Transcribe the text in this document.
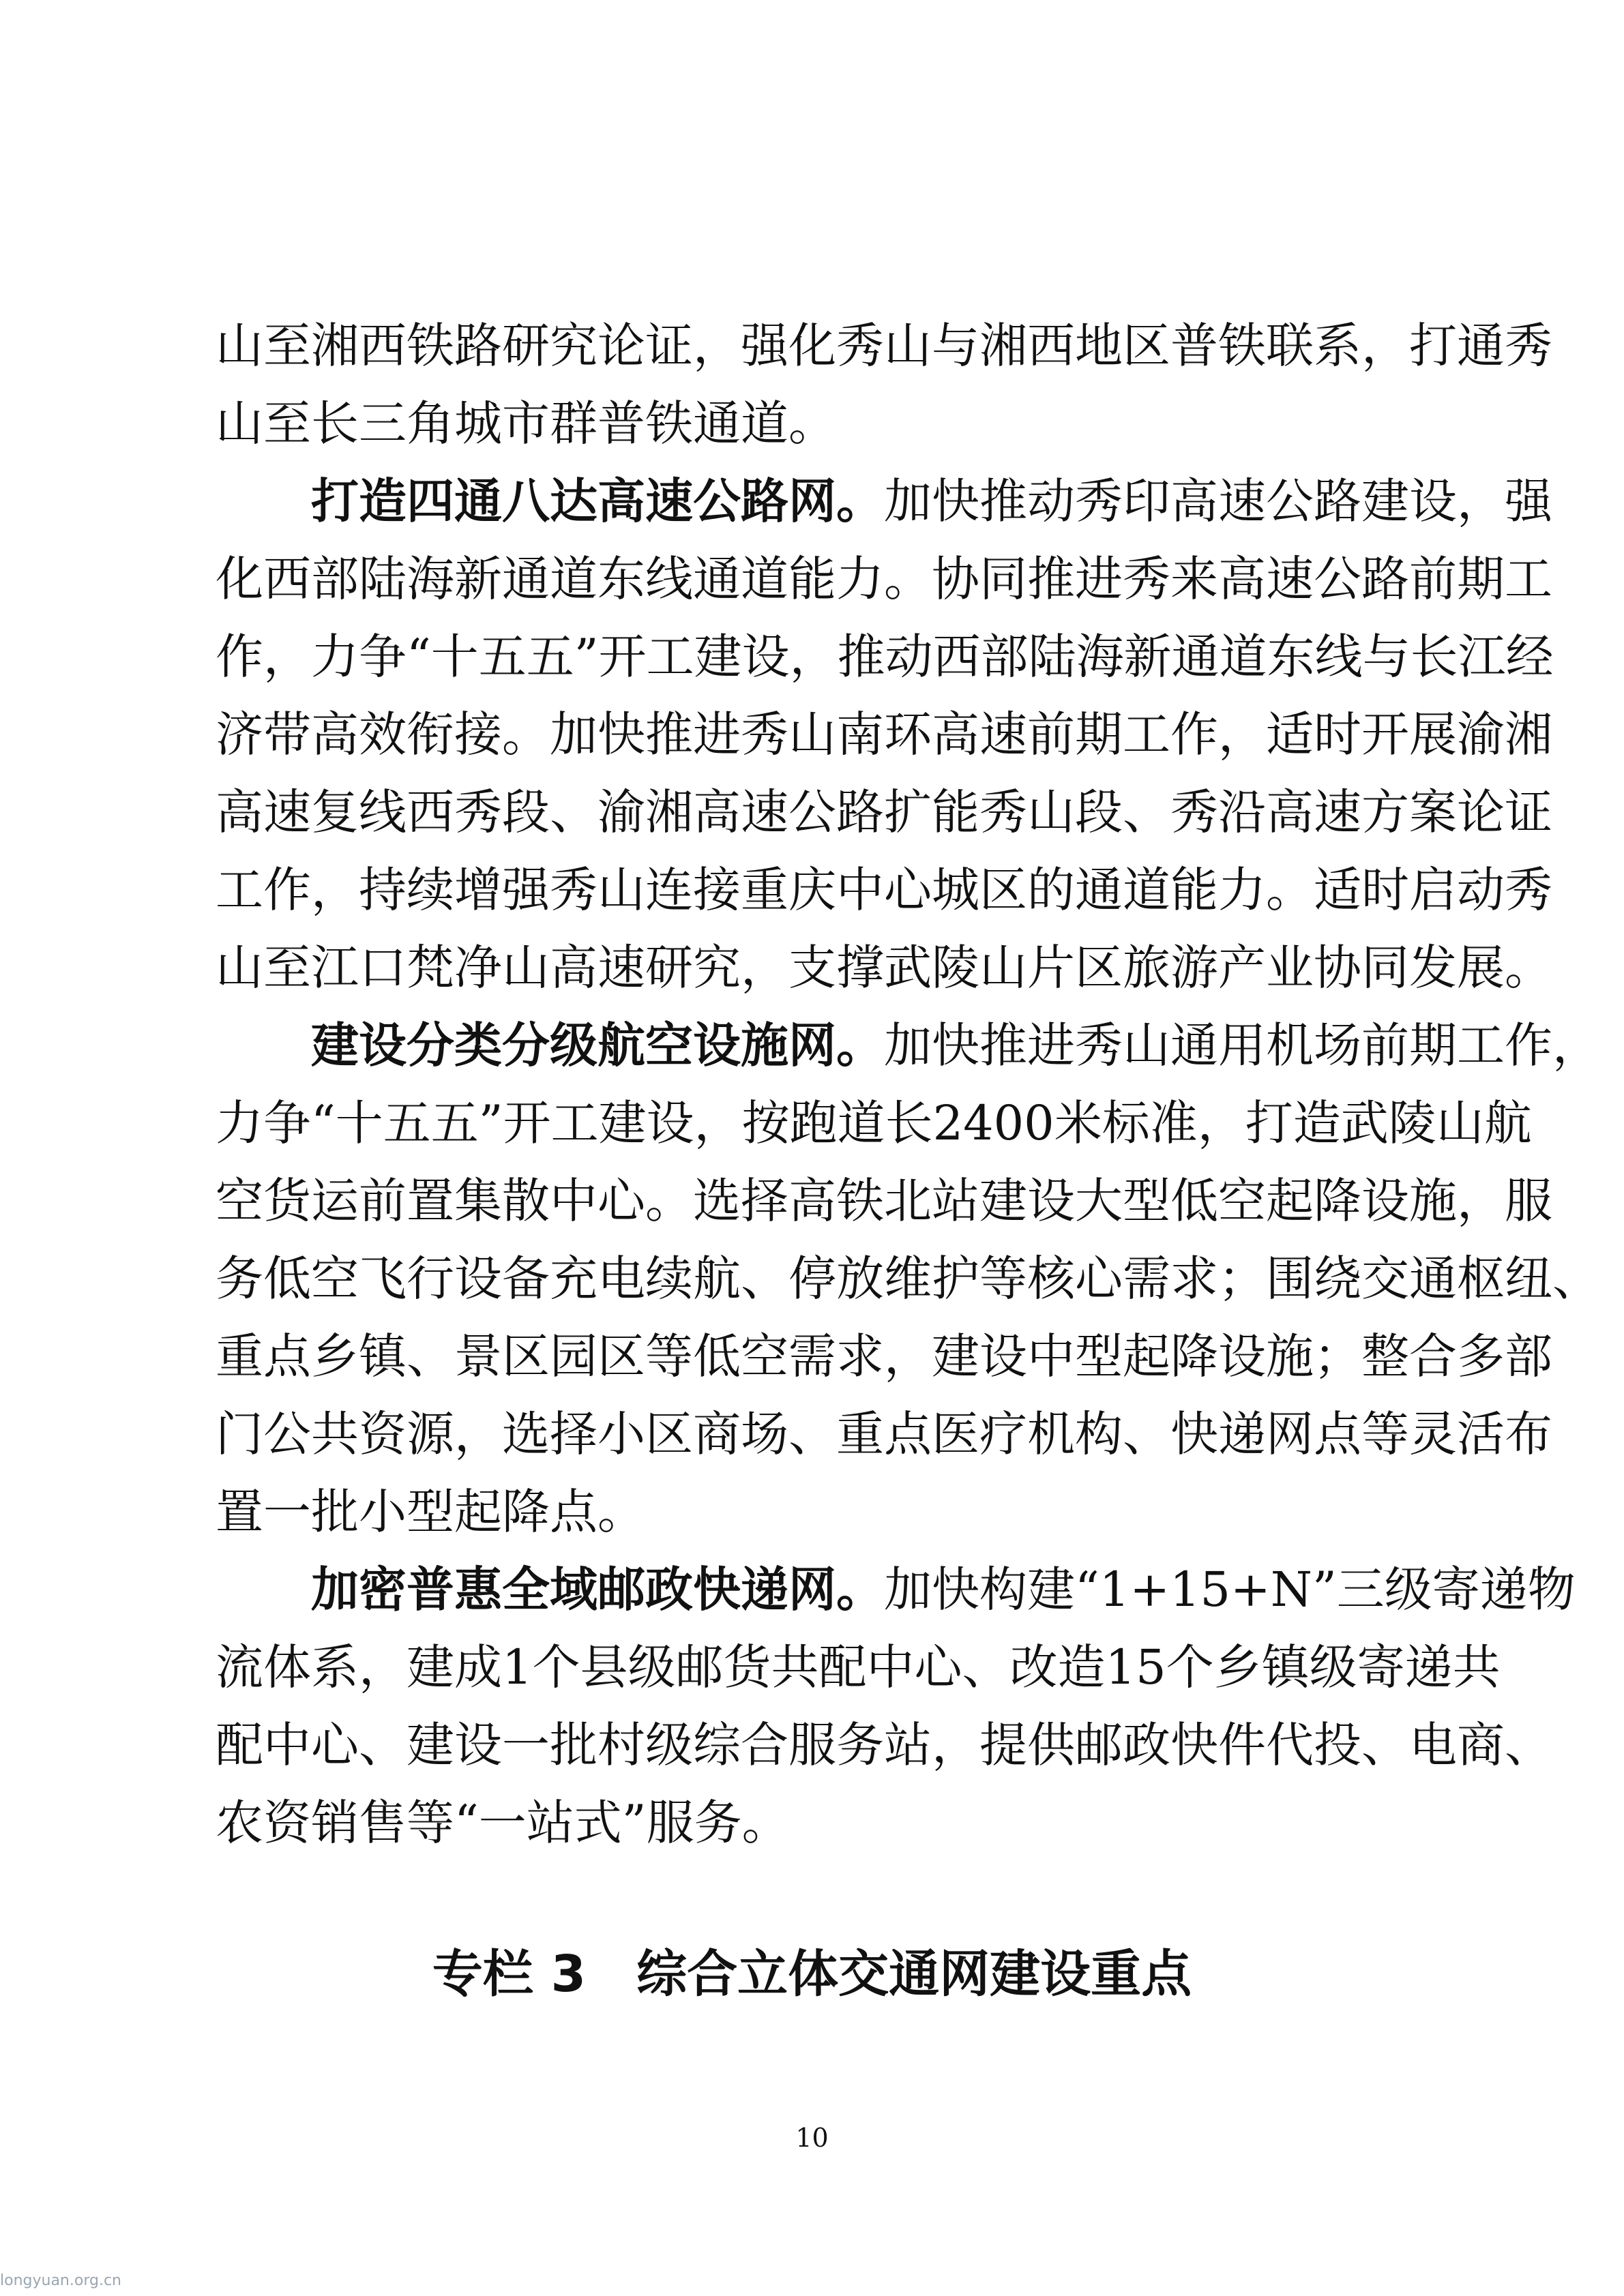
山至湘西铁路研究论证，强化秀山与湘西地区普铁联系，打通秀
山至长三角城市群普铁通道。
打造四通八达高速公路网。加快推动秀印高速公路建设，强
化西部陆海新通道东线通道能力。协同推进秀来高速公路前期工
作，力争“十五五”开工建设，推动西部陆海新通道东线与长江经
济带高效衔接。加快推进秀山南环高速前期工作，适时开展渝湘
高速复线西秀段、渝湘高速公路扩能秀山段、秀沿高速方案论证
工作，持续增强秀山连接重庆中心城区的通道能力。适时启动秀
山至江口梵净山高速研究，支撑武陵山片区旅游产业协同发展。
建设分类分级航空设施网。加快推进秀山通用机场前期工作，
力争“十五五”开工建设，按跑道长2400米标准，打造武陵山航
空货运前置集散中心。选择高铁北站建设大型低空起降设施，服
务低空飞行设备充电续航、停放维护等核心需求；围绕交通枢纽、
重点乡镇、景区园区等低空需求，建设中型起降设施；整合多部
门公共资源，选择小区商场、重点医疗机构、快递网点等灵活布
置一批小型起降点。
加密普惠全域邮政快递网。加快构建“1+15+N”三级寄递物
流体系，建成1个县级邮货共配中心、改造15个乡镇级寄递共
配中心、建设一批村级综合服务站，提供邮政快件代投、电商、
农资销售等“一站式”服务。
专栏 3　综合立体交通网建设重点
10
longyuan.org.cn
